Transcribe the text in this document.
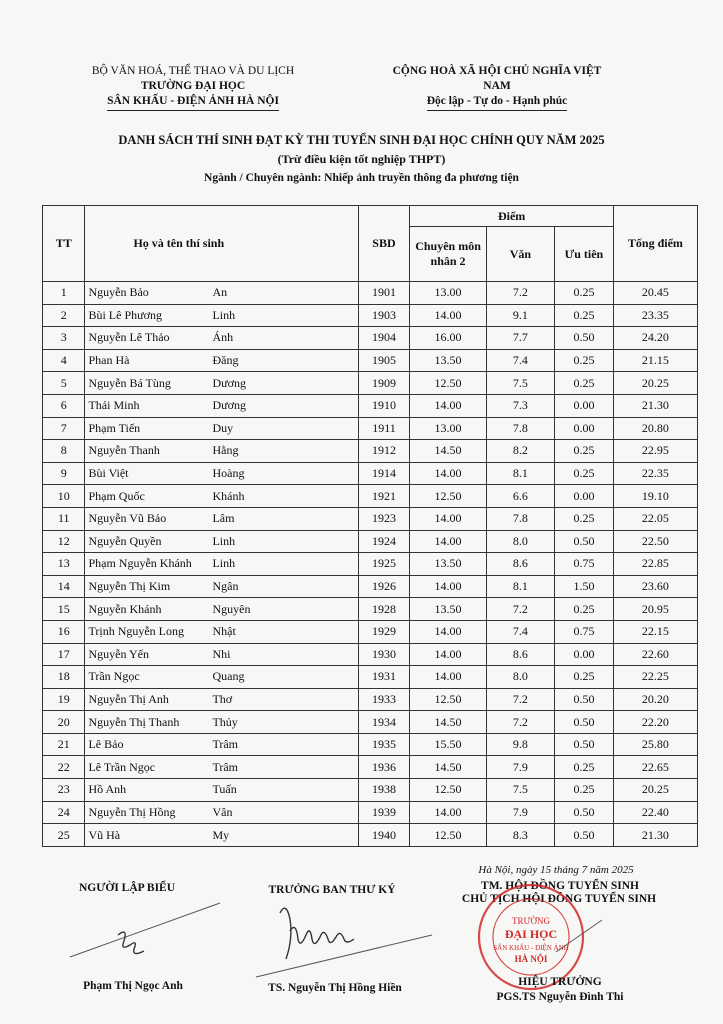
BỘ VĂN HOÁ, THỂ THAO VÀ DU LỊCH
TRƯỜNG ĐẠI HỌC
SÂN KHẤU - ĐIỆN ẢNH HÀ NỘI
CỘNG HOÀ XÃ HỘI CHỦ NGHĨA VIỆT NAM
Độc lập - Tự do - Hạnh phúc
DANH SÁCH THÍ SINH ĐẠT KỲ THI TUYỂN SINH ĐẠI HỌC CHÍNH QUY NĂM 2025
(Trừ điều kiện tốt nghiệp THPT)
Ngành / Chuyên ngành: Nhiếp ảnh truyền thông đa phương tiện
TT	Họ và tên thí sinh	SBD	Điểm			Tổng điểm
			Chuyên môn nhân 2	Văn	Ưu tiên	
1	Nguyễn Bảo An	1901	13.00	7.2	0.25	20.45
2	Bùi Lê Phương Linh	1903	14.00	9.1	0.25	23.35
3	Nguyễn Lê Thảo Ánh	1904	16.00	7.7	0.50	24.20
4	Phan Hà Đăng	1905	13.50	7.4	0.25	21.15
5	Nguyễn Bá Tùng Dương	1909	12.50	7.5	0.25	20.25
6	Thái Minh Dương	1910	14.00	7.3	0.00	21.30
7	Phạm Tiến Duy	1911	13.00	7.8	0.00	20.80
8	Nguyễn Thanh Hằng	1912	14.50	8.2	0.25	22.95
9	Bùi Việt Hoàng	1914	14.00	8.1	0.25	22.35
10	Phạm Quốc Khánh	1921	12.50	6.6	0.00	19.10
11	Nguyễn Vũ Bảo Lâm	1923	14.00	7.8	0.25	22.05
12	Nguyễn Quyền Linh	1924	14.00	8.0	0.50	22.50
13	Phạm Nguyễn Khánh Linh	1925	13.50	8.6	0.75	22.85
14	Nguyễn Thị Kim Ngân	1926	14.00	8.1	1.50	23.60
15	Nguyễn Khánh Nguyên	1928	13.50	7.2	0.25	20.95
16	Trịnh Nguyễn Long Nhật	1929	14.00	7.4	0.75	22.15
17	Nguyễn Yến Nhi	1930	14.00	8.6	0.00	22.60
18	Trần Ngọc Quang	1931	14.00	8.0	0.25	22.25
19	Nguyễn Thị Anh Thơ	1933	12.50	7.2	0.50	20.20
20	Nguyễn Thị Thanh Thủy	1934	14.50	7.2	0.50	22.20
21	Lê Bảo Trâm	1935	15.50	9.8	0.50	25.80
22	Lê Trần Ngọc Trâm	1936	14.50	7.9	0.25	22.65
23	Hồ Anh Tuấn	1938	12.50	7.5	0.25	20.25
24	Nguyễn Thị Hồng Vân	1939	14.00	7.9	0.50	22.40
25	Vũ Hà My	1940	12.50	8.3	0.50	21.30
Hà Nội, ngày 15 tháng 7 năm 2025
NGƯỜI LẬP BIỂU	TRƯỞNG BAN THƯ KÝ	TM. HỘI ĐỒNG TUYỂN SINH
CHỦ TỊCH HỘI ĐỒNG TUYỂN SINH
TRƯỜNG
ĐẠI HỌC
SÂN KHẤU - ĐIỆN ẢNH
HÀ NỘI
Phạm Thị Ngọc Anh	TS. Nguyễn Thị Hồng Hiền	HIỆU TRƯỞNG
PGS.TS Nguyễn Đình Thi
